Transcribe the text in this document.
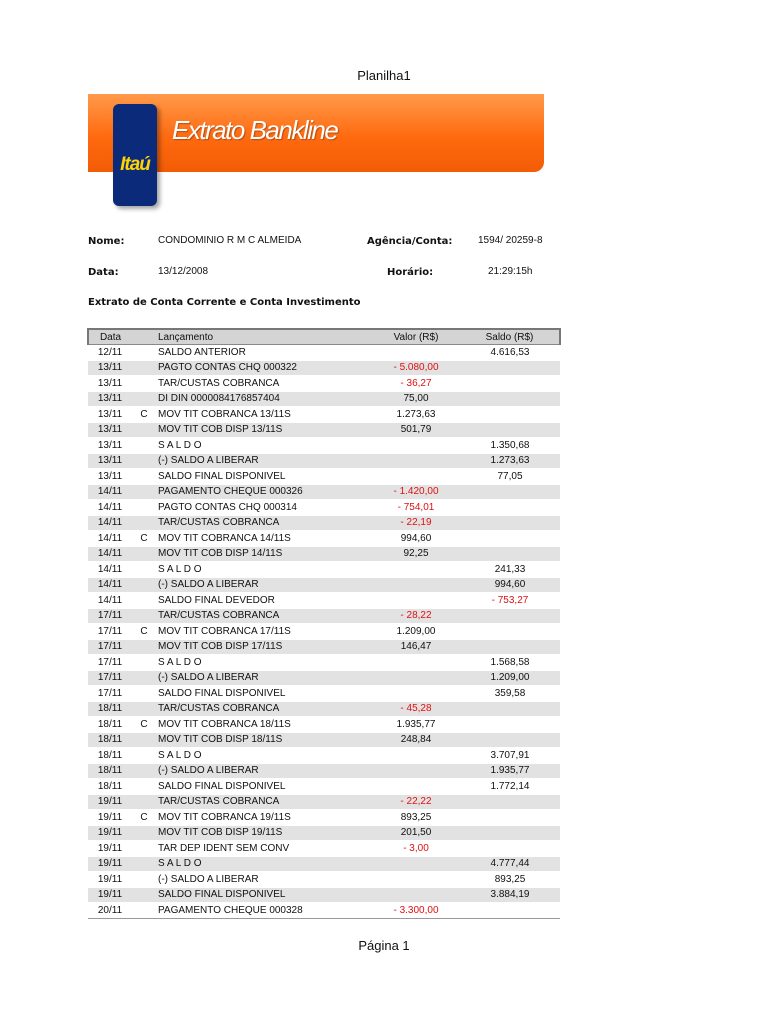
Planilha1
Itaú
Extrato Bankline
Nome:	CONDOMINIO R M C ALMEIDA	Agência/Conta:	1594/ 20259-8
Data:	13/12/2008	Horário:	21:29:15h
Extrato de Conta Corrente e Conta Investimento
Data		Lançamento	Valor (R$)	Saldo (R$)
12/11		SALDO ANTERIOR		4.616,53
13/11		PAGTO CONTAS CHQ 000322	- 5.080,00	
13/11		TAR/CUSTAS COBRANCA	- 36,27	
13/11		DI DIN 0000084176857404	75,00	
13/11	C	MOV TIT COBRANCA 13/11S	1.273,63	
13/11		MOV TIT COB DISP 13/11S	501,79	
13/11		S A L D O		1.350,68
13/11		(-) SALDO A LIBERAR		1.273,63
13/11		SALDO FINAL DISPONIVEL		77,05
14/11		PAGAMENTO CHEQUE 000326	- 1.420,00	
14/11		PAGTO CONTAS CHQ 000314	- 754,01	
14/11		TAR/CUSTAS COBRANCA	- 22,19	
14/11	C	MOV TIT COBRANCA 14/11S	994,60	
14/11		MOV TIT COB DISP 14/11S	92,25	
14/11		S A L D O		241,33
14/11		(-) SALDO A LIBERAR		994,60
14/11		SALDO FINAL DEVEDOR		- 753,27
17/11		TAR/CUSTAS COBRANCA	- 28,22	
17/11	C	MOV TIT COBRANCA 17/11S	1.209,00	
17/11		MOV TIT COB DISP 17/11S	146,47	
17/11		S A L D O		1.568,58
17/11		(-) SALDO A LIBERAR		1.209,00
17/11		SALDO FINAL DISPONIVEL		359,58
18/11		TAR/CUSTAS COBRANCA	- 45,28	
18/11	C	MOV TIT COBRANCA 18/11S	1.935,77	
18/11		MOV TIT COB DISP 18/11S	248,84	
18/11		S A L D O		3.707,91
18/11		(-) SALDO A LIBERAR		1.935,77
18/11		SALDO FINAL DISPONIVEL		1.772,14
19/11		TAR/CUSTAS COBRANCA	- 22,22	
19/11	C	MOV TIT COBRANCA 19/11S	893,25	
19/11		MOV TIT COB DISP 19/11S	201,50	
19/11		TAR DEP IDENT SEM CONV	- 3,00	
19/11		S A L D O		4.777,44
19/11		(-) SALDO A LIBERAR		893,25
19/11		SALDO FINAL DISPONIVEL		3.884,19
20/11		PAGAMENTO CHEQUE 000328	- 3.300,00	
Página 1
